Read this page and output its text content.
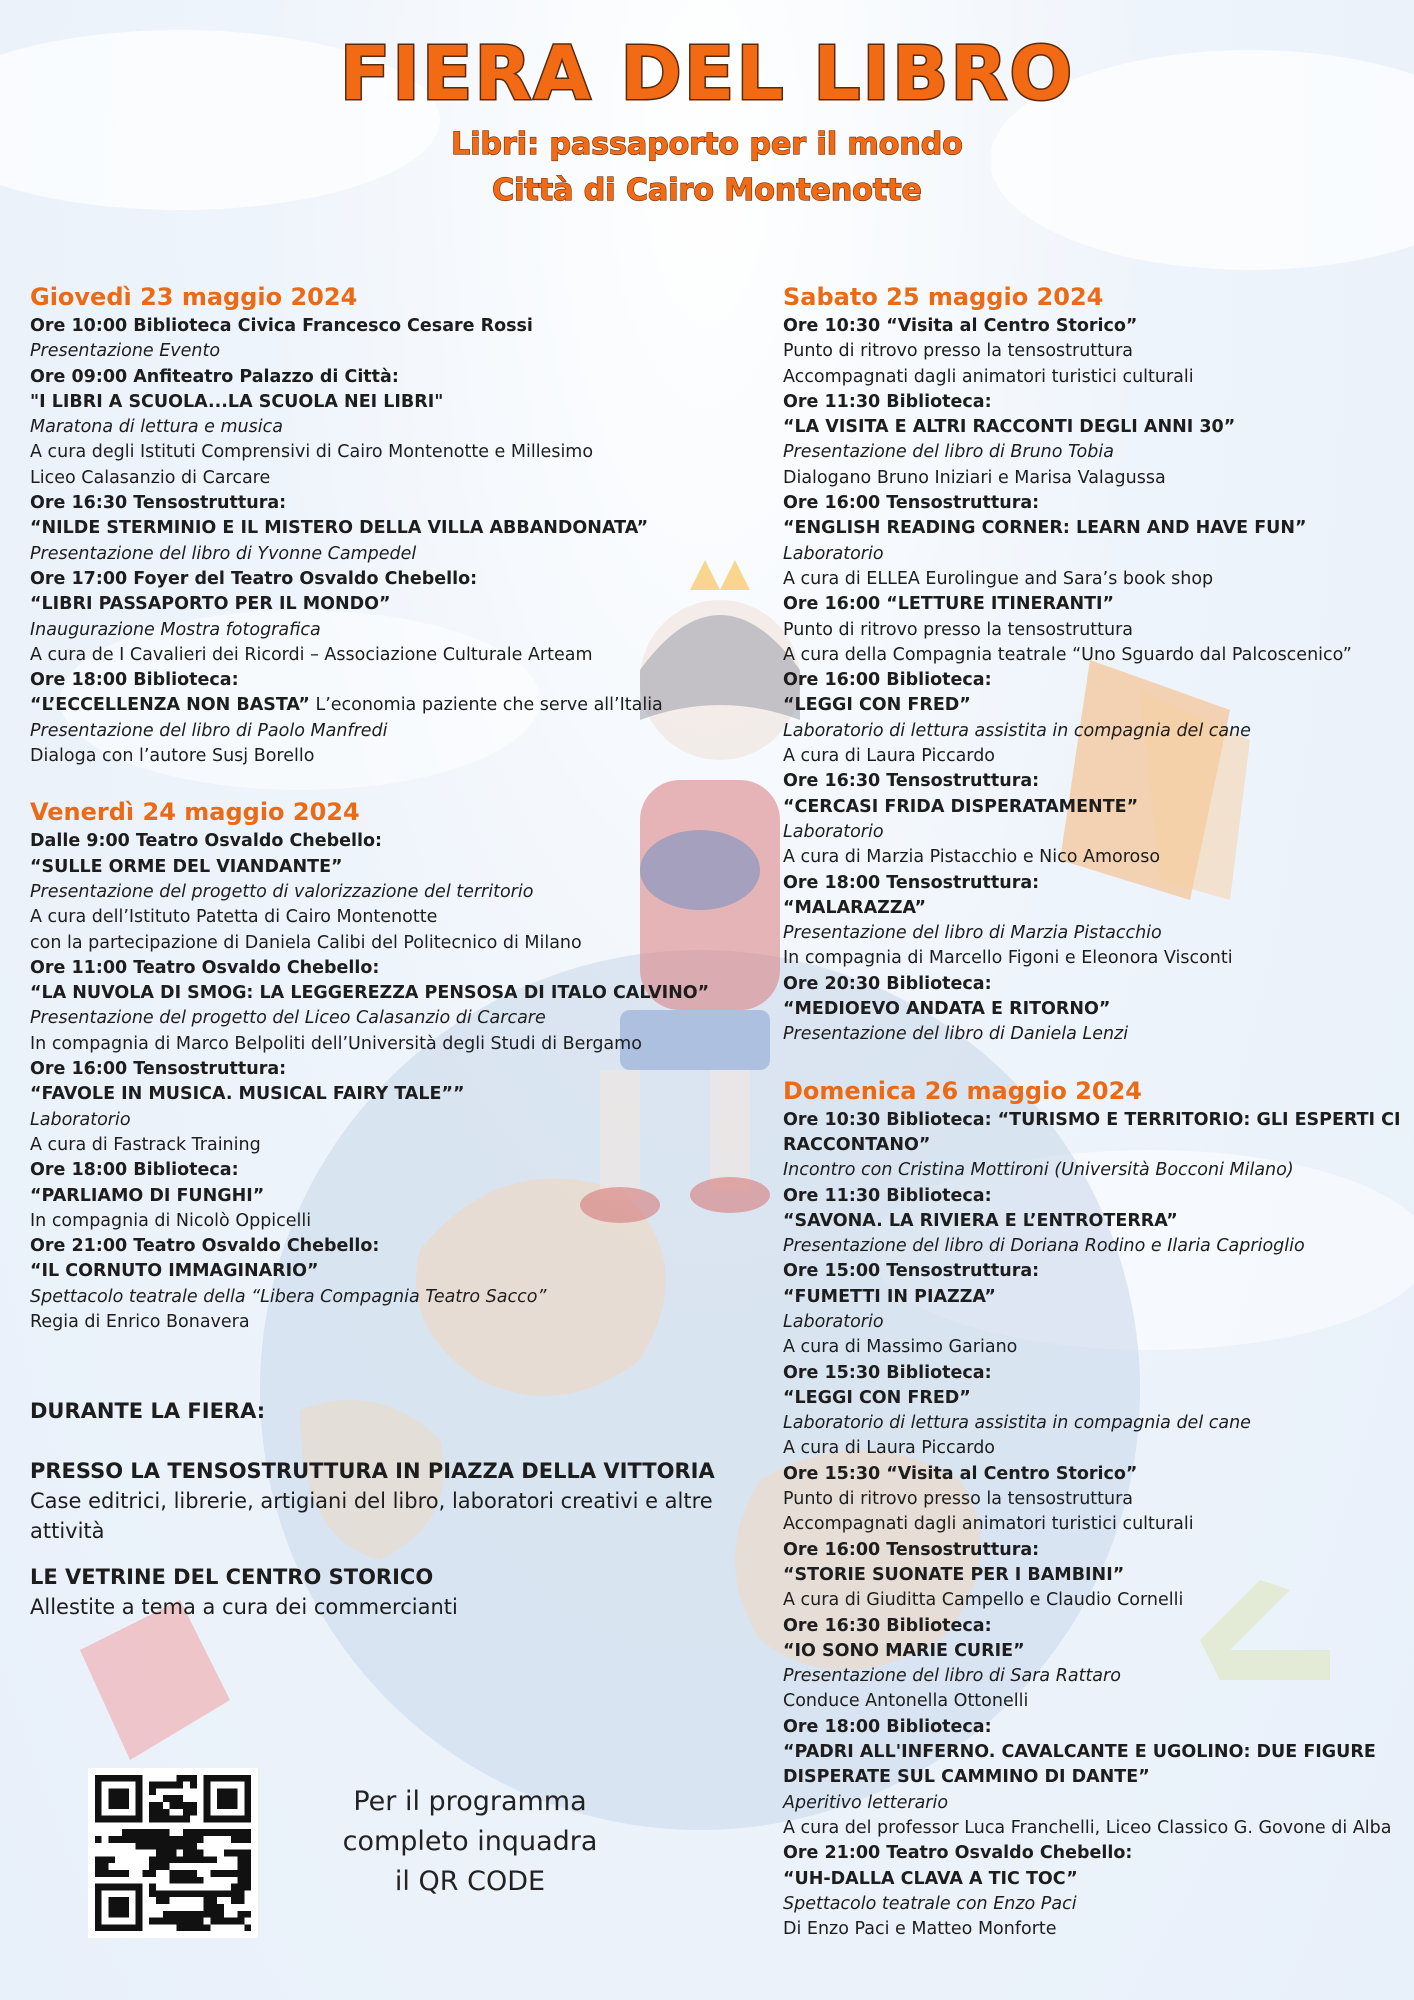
FIERA DEL LIBRO
Libri: passaporto per il mondo
Città di Cairo Montenotte
Giovedì 23 maggio 2024
Ore 10:00 Biblioteca Civica Francesco Cesare Rossi
Presentazione Evento
Ore 09:00 Anfiteatro Palazzo di Città:
"I LIBRI A SCUOLA...LA SCUOLA NEI LIBRI"
Maratona di lettura e musica
A cura degli Istituti Comprensivi di Cairo Montenotte e Millesimo
Liceo Calasanzio di Carcare
Ore 16:30 Tensostruttura:
“NILDE STERMINIO E IL MISTERO DELLA VILLA ABBANDONATA”
Presentazione del libro di Yvonne Campedel
Ore 17:00 Foyer del Teatro Osvaldo Chebello:
“LIBRI PASSAPORTO PER IL MONDO”
Inaugurazione Mostra fotografica
A cura de I Cavalieri dei Ricordi – Associazione Culturale Arteam
Ore 18:00 Biblioteca:
“L’ECCELLENZA NON BASTA” L’economia paziente che serve all’Italia
Presentazione del libro di Paolo Manfredi
Dialoga con l’autore Susj Borello
Venerdì 24 maggio 2024
Dalle 9:00 Teatro Osvaldo Chebello:
“SULLE ORME DEL VIANDANTE”
Presentazione del progetto di valorizzazione del territorio
A cura dell’Istituto Patetta di Cairo Montenotte
con la partecipazione di Daniela Calibi del Politecnico di Milano
Ore 11:00 Teatro Osvaldo Chebello:
“LA NUVOLA DI SMOG: LA LEGGEREZZA PENSOSA DI ITALO CALVINO”
Presentazione del progetto del Liceo Calasanzio di Carcare
In compagnia di Marco Belpoliti dell’Università degli Studi di Bergamo
Ore 16:00 Tensostruttura:
“FAVOLE IN MUSICA. MUSICAL FAIRY TALE””
Laboratorio
A cura di Fastrack Training
Ore 18:00 Biblioteca:
“PARLIAMO DI FUNGHI”
In compagnia di Nicolò Oppicelli
Ore 21:00 Teatro Osvaldo Chebello:
“IL CORNUTO IMMAGINARIO”
Spettacolo teatrale della “Libera Compagnia Teatro Sacco”
Regia di Enrico Bonavera
Sabato 25 maggio 2024
Ore 10:30 “Visita al Centro Storico”
Punto di ritrovo presso la tensostruttura
Accompagnati dagli animatori turistici culturali
Ore 11:30 Biblioteca:
“LA VISITA E ALTRI RACCONTI DEGLI ANNI 30”
Presentazione del libro di Bruno Tobia
Dialogano Bruno Iniziari e Marisa Valagussa
Ore 16:00 Tensostruttura:
“ENGLISH READING CORNER: LEARN AND HAVE FUN”
Laboratorio
A cura di ELLEA Eurolingue and Sara’s book shop
Ore 16:00 “LETTURE ITINERANTI”
Punto di ritrovo presso la tensostruttura
A cura della Compagnia teatrale “Uno Sguardo dal Palcoscenico”
Ore 16:00 Biblioteca:
“LEGGI CON FRED”
Laboratorio di lettura assistita in compagnia del cane
A cura di Laura Piccardo
Ore 16:30 Tensostruttura:
“CERCASI FRIDA DISPERATAMENTE”
Laboratorio
A cura di Marzia Pistacchio e Nico Amoroso
Ore 18:00 Tensostruttura:
“MALARAZZA”
Presentazione del libro di Marzia Pistacchio
In compagnia di Marcello Figoni e Eleonora Visconti
Ore 20:30 Biblioteca:
“MEDIOEVO ANDATA E RITORNO”
Presentazione del libro di Daniela Lenzi
Domenica 26 maggio 2024
Ore 10:30 Biblioteca: “TURISMO E TERRITORIO: GLI ESPERTI CI RACCONTANO”
Incontro con Cristina Mottironi (Università Bocconi Milano)
Ore 11:30 Biblioteca:
“SAVONA. LA RIVIERA E L’ENTROTERRA”
Presentazione del libro di Doriana Rodino e Ilaria Caprioglio
Ore 15:00 Tensostruttura:
“FUMETTI IN PIAZZA”
Laboratorio
A cura di Massimo Gariano
Ore 15:30 Biblioteca:
“LEGGI CON FRED”
Laboratorio di lettura assistita in compagnia del cane
A cura di Laura Piccardo
Ore 15:30 “Visita al Centro Storico”
Punto di ritrovo presso la tensostruttura
Accompagnati dagli animatori turistici culturali
Ore 16:00 Tensostruttura:
“STORIE SUONATE PER I BAMBINI”
A cura di Giuditta Campello e Claudio Cornelli
Ore 16:30 Biblioteca:
“IO SONO MARIE CURIE”
Presentazione del libro di Sara Rattaro
Conduce Antonella Ottonelli
Ore 18:00 Biblioteca:
“PADRI ALL'INFERNO. CAVALCANTE E UGOLINO: DUE FIGURE DISPERATE SUL CAMMINO DI DANTE”
Aperitivo letterario
A cura del professor Luca Franchelli, Liceo Classico G. Govone di Alba
Ore 21:00 Teatro Osvaldo Chebello:
“UH-DALLA CLAVA A TIC TOC”
Spettacolo teatrale con Enzo Paci
Di Enzo Paci e Matteo Monforte
DURANTE LA FIERA:
PRESSO LA TENSOSTRUTTURA IN PIAZZA DELLA VITTORIA
Case editrici, librerie, artigiani del libro, laboratori creativi e altre attività
LE VETRINE DEL CENTRO STORICO
Allestite a tema a cura dei commercianti
Per il programma
completo inquadra
il QR CODE
